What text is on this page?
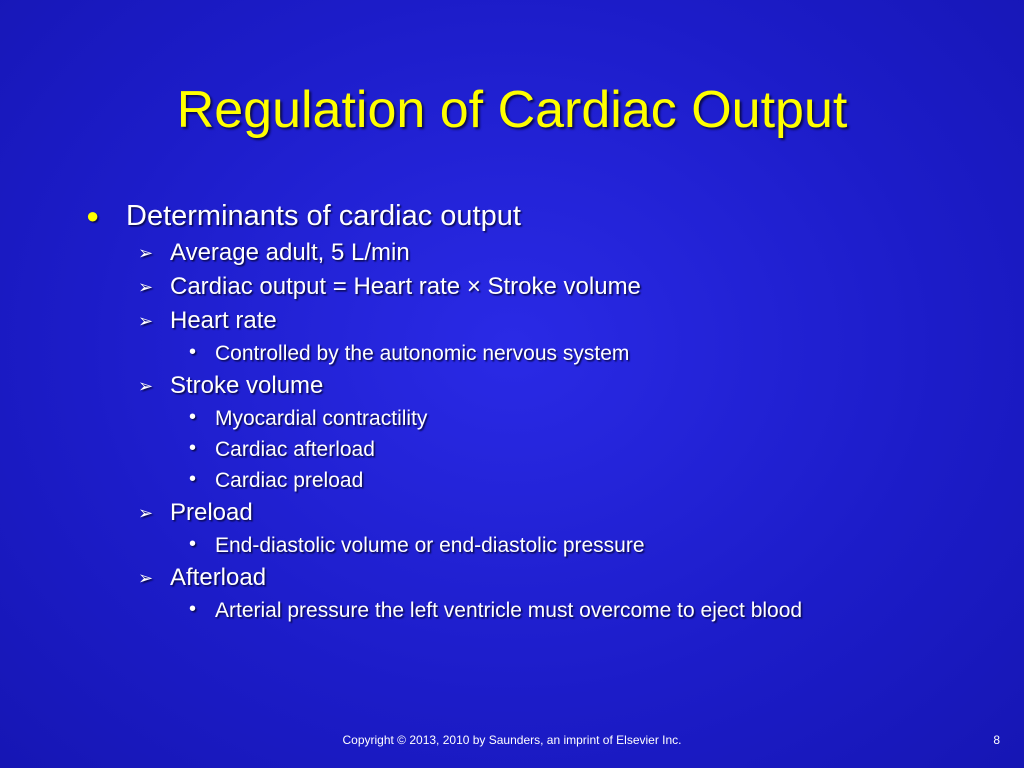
Regulation of Cardiac Output
● Determinants of cardiac output
➢ Average adult, 5 L/min
➢ Cardiac output = Heart rate × Stroke volume
➢ Heart rate
• Controlled by the autonomic nervous system
➢ Stroke volume
• Myocardial contractility
• Cardiac afterload
• Cardiac preload
➢ Preload
• End-diastolic volume or end-diastolic pressure
➢ Afterload
• Arterial pressure the left ventricle must overcome to eject blood
Copyright © 2013, 2010 by Saunders, an imprint of Elsevier Inc.	8
